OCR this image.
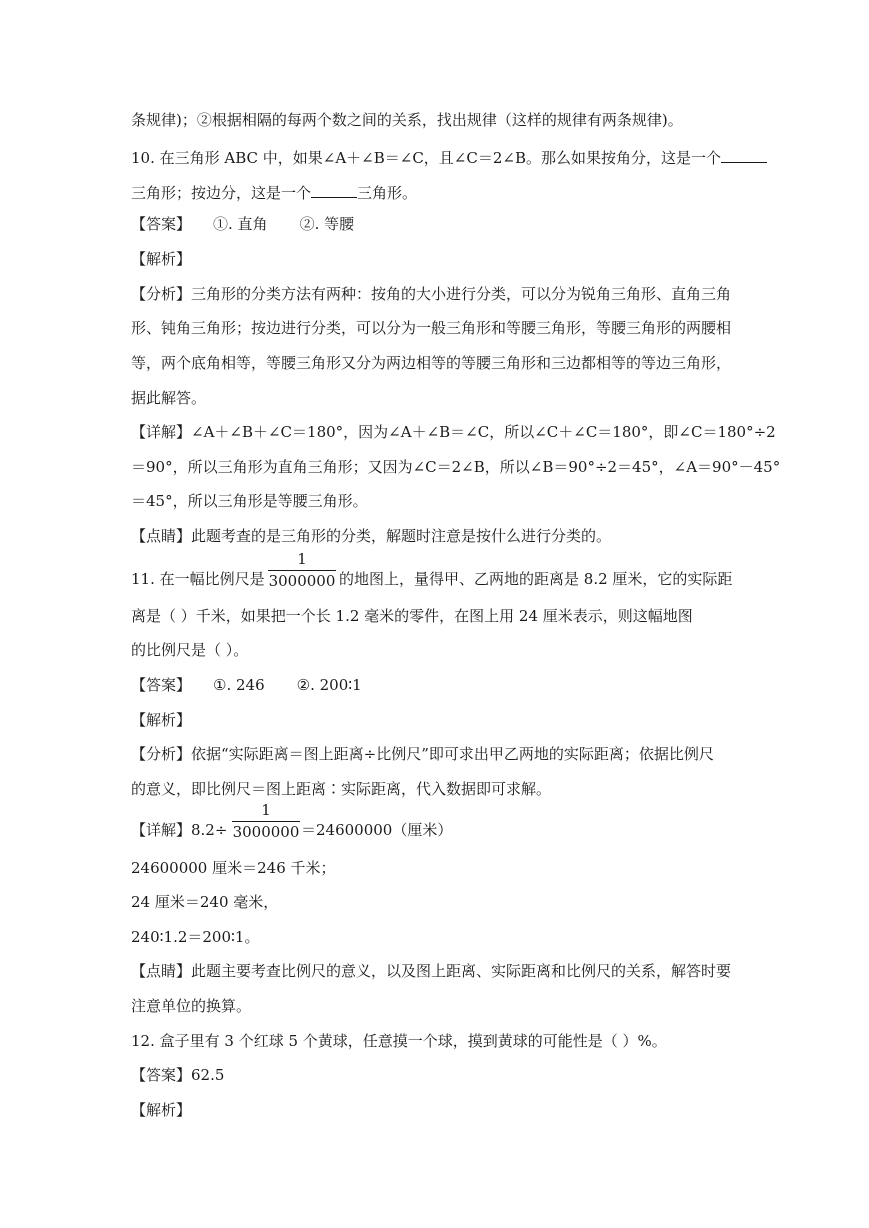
条规律)；②根据相隔的每两个数之间的关系，找出规律（这样的规律有两条规律)。
10. 在三角形 ABC 中，如果∠A＋∠B＝∠C，且∠C＝2∠B。那么如果按角分，这是一个
三角形；按边分，这是一个	三角形。
【答案】 ①. 直角 ②. 等腰
【解析】
【分析】三角形的分类方法有两种：按角的大小进行分类，可以分为锐角三角形、直角三角
形、钝角三角形；按边进行分类，可以分为一般三角形和等腰三角形，等腰三角形的两腰相
等，两个底角相等，等腰三角形又分为两边相等的等腰三角形和三边都相等的等边三角形，
据此解答。
【详解】∠A＋∠B＋∠C＝180°，因为∠A＋∠B＝∠C，所以∠C＋∠C＝180°，即∠C＝180°÷2
＝90°，所以三角形为直角三角形；又因为∠C＝2∠B，所以∠B＝90°÷2＝45°，∠A＝90°－45°
＝45°，所以三角形是等腰三角形。
【点睛】此题考查的是三角形的分类，解题时注意是按什么进行分类的。
11. 在一幅比例尺是
1
3000000 的地图上，量得甲、乙两地的距离是 8.2 厘米，它的实际距
离是（ ）千米，如果把一个长 1.2 毫米的零件，在图上用 24 厘米表示，则这幅地图
的比例尺是（ ）。
【答案】 ①. 246 ②. 200∶1
【解析】
【分析】依据“实际距离＝图上距离÷比例尺”即可求出甲乙两地的实际距离；依据比例尺
的意义，即比例尺＝图上距离∶实际距离，代入数据即可求解。
【详解】8.2÷
1
3000000 ＝24600000（厘米）
24600000 厘米＝246 千米；
24 厘米＝240 毫米，
240∶1.2＝200∶1。
【点睛】此题主要考查比例尺的意义，以及图上距离、实际距离和比例尺的关系，解答时要
注意单位的换算。
12. 盒子里有 3 个红球 5 个黄球，任意摸一个球，摸到黄球的可能性是（ ）%。
【答案】62.5
【解析】
